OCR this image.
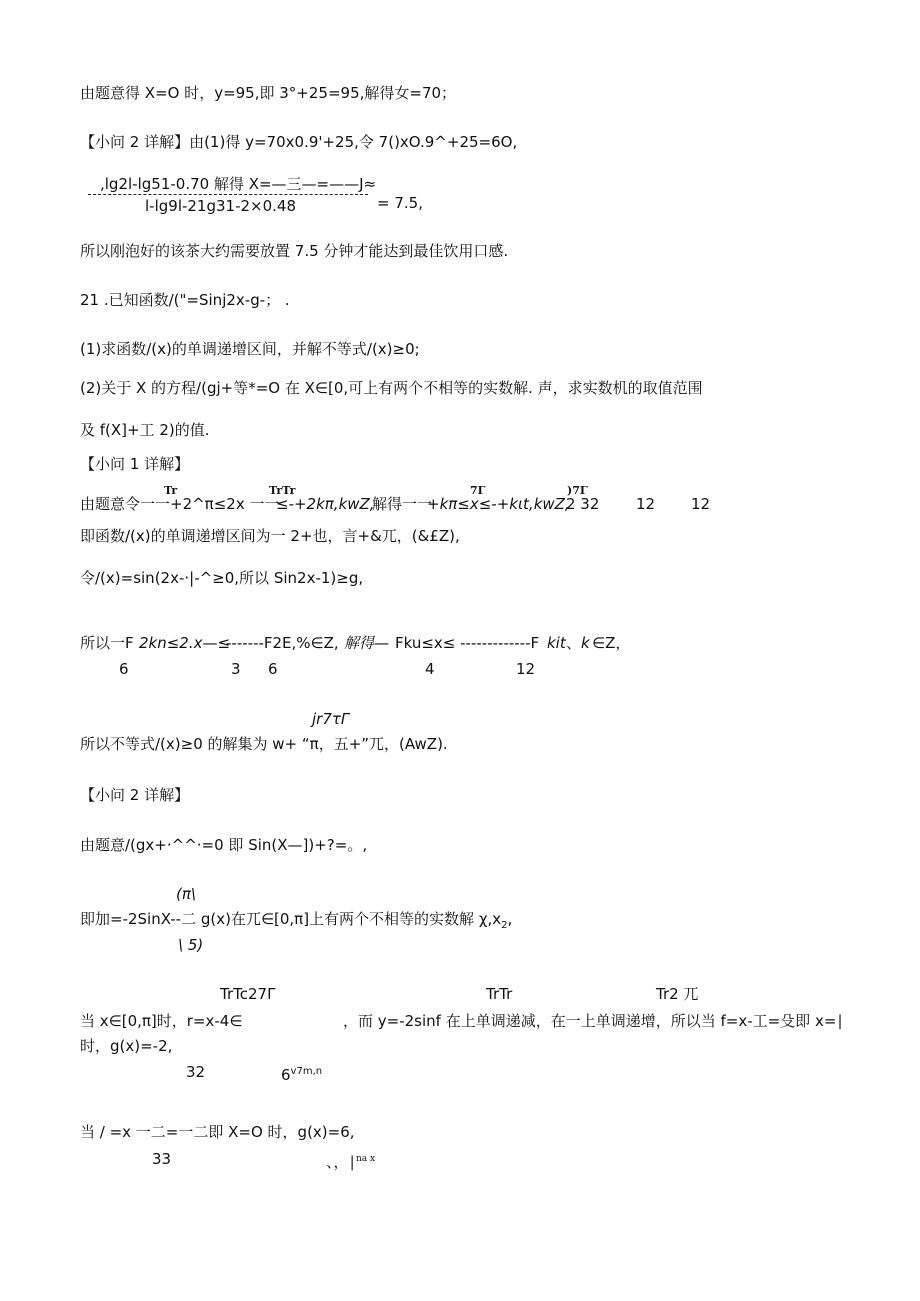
由题意得 X=O 时，y=95,即 3°+25=95,解得女=70；
【小问 2 详解】由(1)得 y=70x0.9'+25,令 7()xO.9^+25=6O,
,lg2l-lg51-0.70 解得 X=—三—=——J≈
l-lg9l-21g31-2×0.48	= 7.5,
所以刚泡好的该茶大约需要放置 7.5 分钟才能达到最佳饮用口感.
21 .已知函数/("=Sinj2x-g-； .
(1)求函数/(x)的单调递增区间，并解不等式/(x)≥0;
(2)关于 X 的方程/(gj+等*=O 在 X∈[0,可上有两个不相等的实数解. 声，求实数机的取值范围
及 f(X]+工 2)的值.
【小问 1 详解】
Tr	TrTr	7Γ	)7Γ
由题意令一一+2^π≤2x 一一
≤-+2kπ,kwZ,
解得一一
+kπ≤x≤-+kιt,kwZ,
2 32 12 12
即函数/(x)的单调递增区间为一 2+也，言+&兀，(&£Z),
令/(x)=sin(2x-·|-^≥0,所以 Sin2x-1)≥g,
所以一F 2kn≤2.x—≤
-------F2E,%∈Z, 解得— Fku≤x≤ -------------F kit 、 k ∈Z，
6	3 6	4	12
jr7τΓ
所以不等式/(x)≥0 的解集为 w+ “π，五+”兀，(AwZ).
【小问 2 详解】
由题意/(gx+·^^·=0 即 Sin(X—])+?=。,
(π\
即加=-2SinX--二 g(x)在兀∈[0,π]上有两个不相等的实数解 $\chi,x_2$,
\ 5)
TrTc27Γ	TrTr	Tr2 兀
当 x∈[0,π]时，r=x-4∈	，而 y=-2sinf 在上单调递减，在一上单调递增，所以当 f=x-工=殳即 x=∣
时，g(x)=-2,
32	$6^{v7m,n}$
当 / =x 一二=一二即 X=O 时，g(x)=6,
33	、，∣$^{na x}$
